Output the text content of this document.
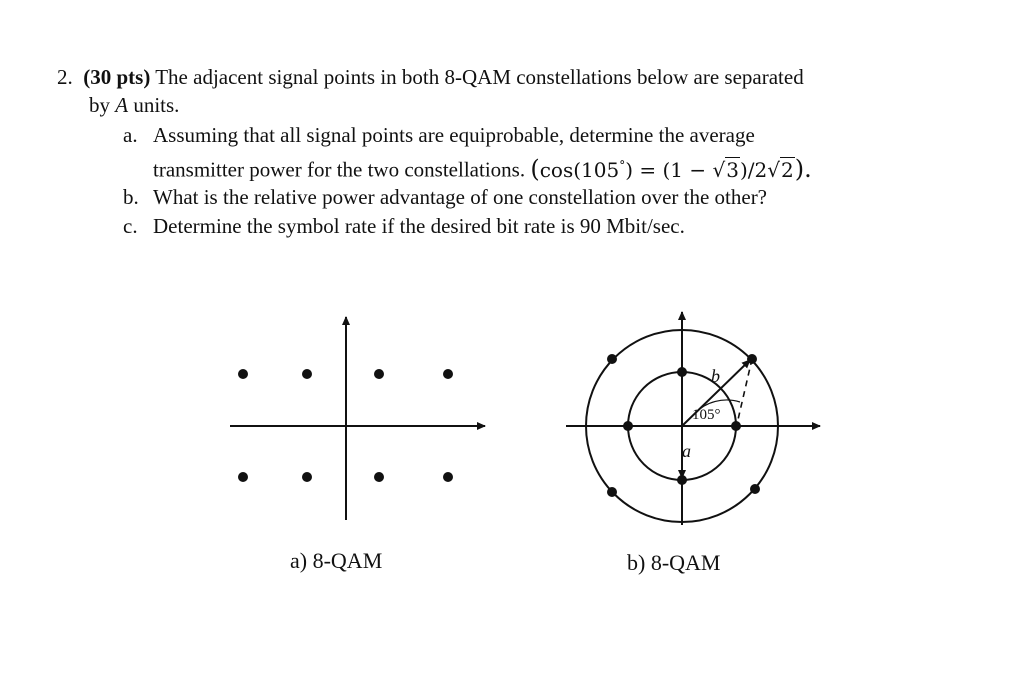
2. (30 pts) The adjacent signal points in both 8-QAM constellations below are separated
by A units.
a. Assuming that all signal points are equiprobable, determine the average
transmitter power for the two constellations. (cos(105°) = (1 − √3)/2√2).
b. What is the relative power advantage of one constellation over the other?
c. Determine the symbol rate if the desired bit rate is 90 Mbit/sec.
b
a
105°
a) 8-QAM	b) 8-QAM
